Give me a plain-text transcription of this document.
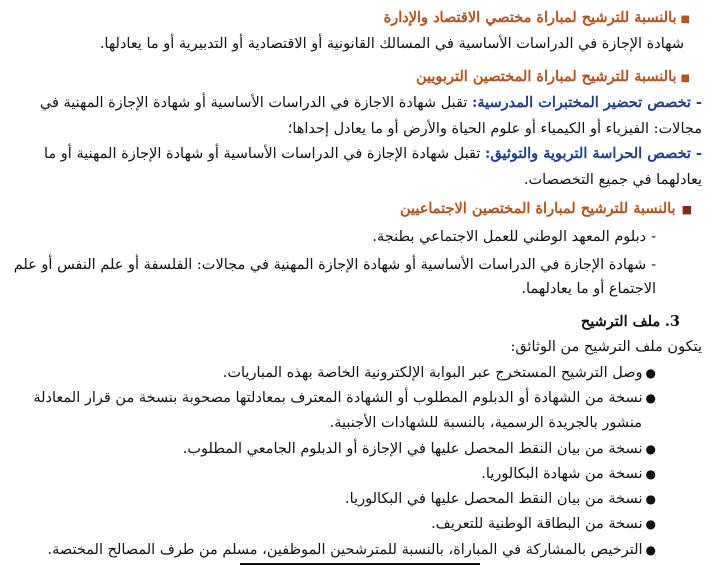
■بالنسبة للترشيح لمباراة مختصي الاقتصاد والإدارة
شهادة الإجازة في الدراسات الأساسية في المسالك القانونية أو الاقتصادية أو التدبيرية أو ما يعادلها.
■بالنسبة للترشيح لمباراة المختصين التربويين
-تخصص تحضير المختبرات المدرسية: تقبل شهادة الاجازة في الدراسات الأساسية أو شهادة الإجازة المهنية في
مجالات: الفيزياء أو الكيمياء أو علوم الحياة والأرض أو ما يعادل إحداها؛
-تخصص الحراسة التربوية والتوثيق: تقبل شهادة الإجازة في الدراسات الأساسية أو شهادة الإجازة المهنية أو ما
يعادلهما في جميع التخصصات.
■بالنسبة للترشيح لمباراة المختصين الاجتماعيين
-دبلوم المعهد الوطني للعمل الاجتماعي بطنجة.
-شهادة الإجازة في الدراسات الأساسية أو شهادة الإجازة المهنية في مجالات: الفلسفة أو علم النفس أو علم
الاجتماع أو ما يعادلهما.
3. ملف الترشيح
يتكون ملف الترشيح من الوثائق:
●وصل الترشيح المستخرج عبر البوابة الإلكترونية الخاصة بهذه المباريات.
●نسخة من الشهادة أو الدبلوم المطلوب أو الشهادة المعترف بمعادلتها مصحوبة بنسخة من قرار المعادلة
منشور بالجريدة الرسمية، بالنسبة للشهادات الأجنبية.
●نسخة من بيان النقط المحصل عليها في الإجازة أو الدبلوم الجامعي المطلوب.
●نسخة من شهادة البكالوريا.
●نسخة من بيان النقط المحصل عليها في البكالوريا.
●نسخة من البطاقة الوطنية للتعريف.
●الترخيص بالمشاركة في المباراة، بالنسبة للمترشحين الموظفين، مسلم من طرف المصالح المختصة.
